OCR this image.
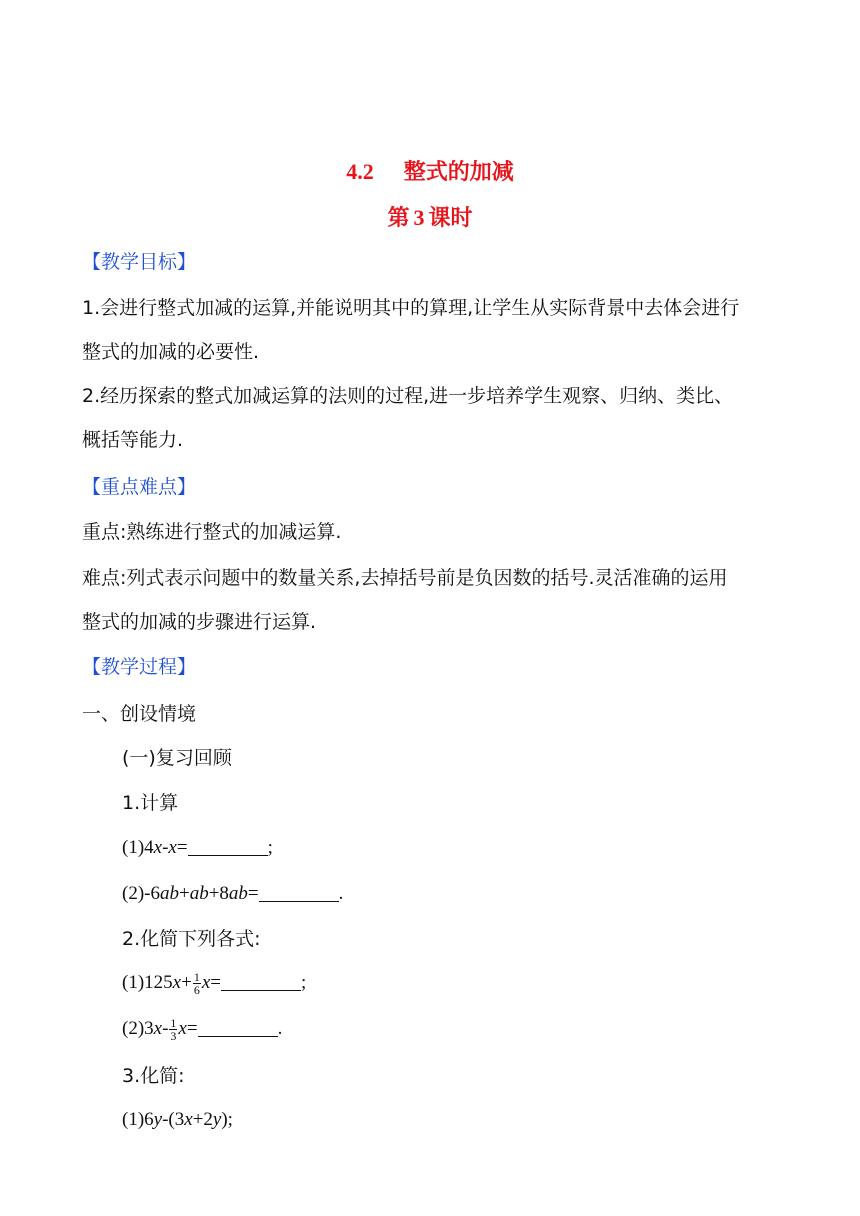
4.2 整式的加减
第 3 课时
【教学目标】
1.会进行整式加减的运算,并能说明其中的算理,让学生从实际背景中去体会进行
整式的加减的必要性.
2.经历探索的整式加减运算的法则的过程,进一步培养学生观察、归纳、类比、
概括等能力.
【重点难点】
重点:熟练进行整式的加减运算.
难点:列式表示问题中的数量关系,去掉括号前是负因数的括号.灵活准确的运用
整式的加减的步骤进行运算.
【教学过程】
一、创设情境
(一)复习回顾
1.计算
(1)4x-x=	;
(2)-6ab+ab+8ab=	.
2.化简下列各式:
$(1)125x+ \frac{1}{6} x=$	;
$(2)3x- \frac{1}{3} x=$	.
3.化简:
(1)6y-(3x+2y);
